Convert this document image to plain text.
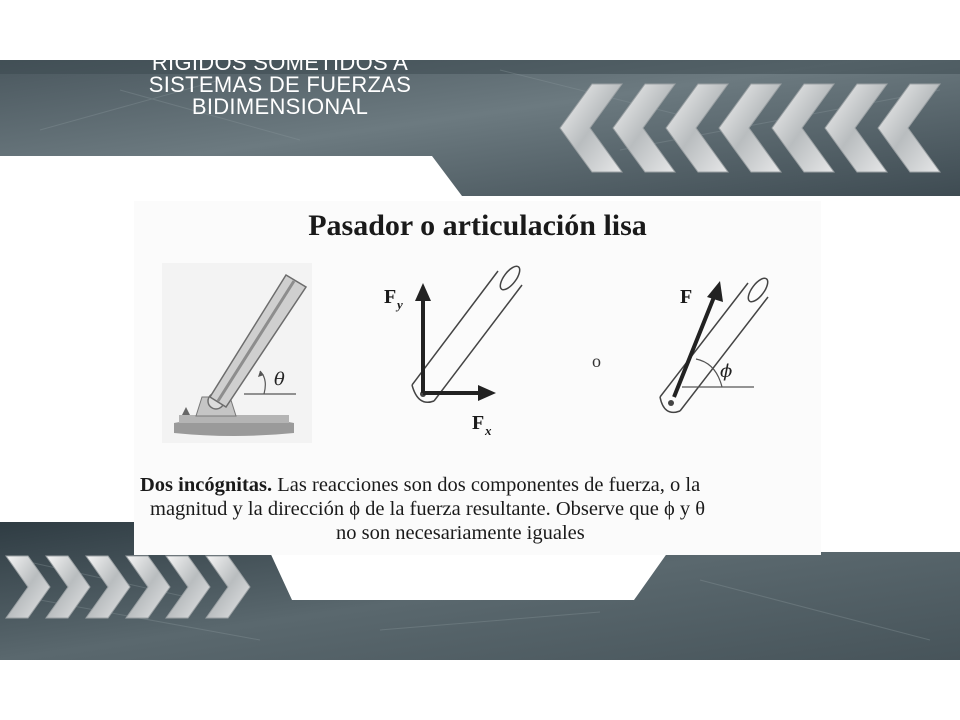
SOPORTES PARA CUERPOS
RIGIDOS SOMETIDOS A
SISTEMAS DE FUERZAS
BIDIMENSIONAL
Pasador o articulación lisa
θ
F y
F x
o
F
ϕ
Dos incógnitas. Las reacciones son dos componentes de fuerza, o la
magnitud y la dirección ϕ de la fuerza resultante. Observe que ϕ y θ
no son necesariamente iguales
